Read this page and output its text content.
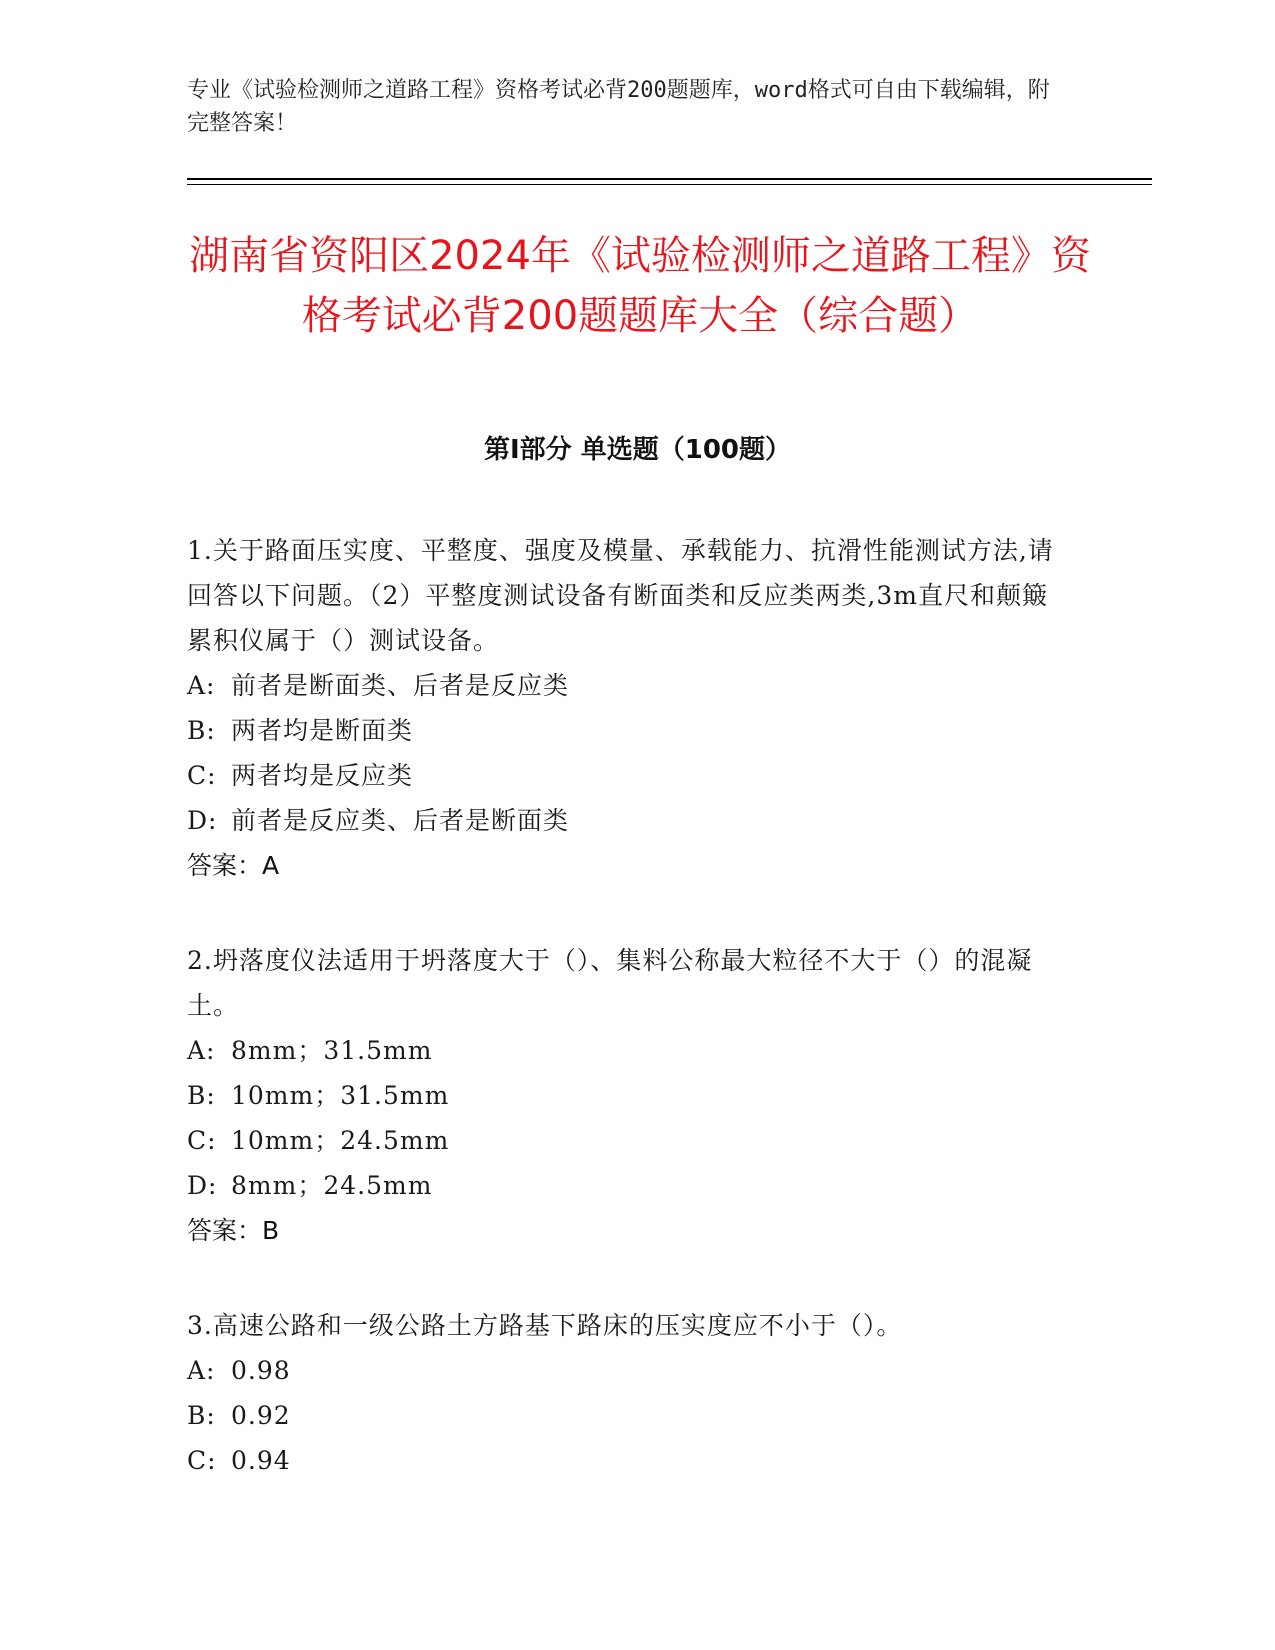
专业《试验检测师之道路工程》资格考试必背200题题库，word格式可自由下载编辑，附完整答案！
湖南省资阳区2024年《试验检测师之道路工程》资格考试必背200题题库大全（综合题）
第I部分 单选题（100题）
1.关于路面压实度、平整度、强度及模量、承载能力、抗滑性能测试方法,请回答以下问题。（2）平整度测试设备有断面类和反应类两类,3m直尺和颠簸累积仪属于（）测试设备。
A: 前者是断面类、后者是反应类
B: 两者均是断面类
C: 两者均是反应类
D: 前者是反应类、后者是断面类
答案：A
2.坍落度仪法适用于坍落度大于（）、集料公称最大粒径不大于（）的混凝土。
A: 8mm；31.5mm
B: 10mm；31.5mm
C: 10mm；24.5mm
D: 8mm；24.5mm
答案：B
3.高速公路和一级公路土方路基下路床的压实度应不小于（）。
A: 0.98
B: 0.92
C: 0.94
